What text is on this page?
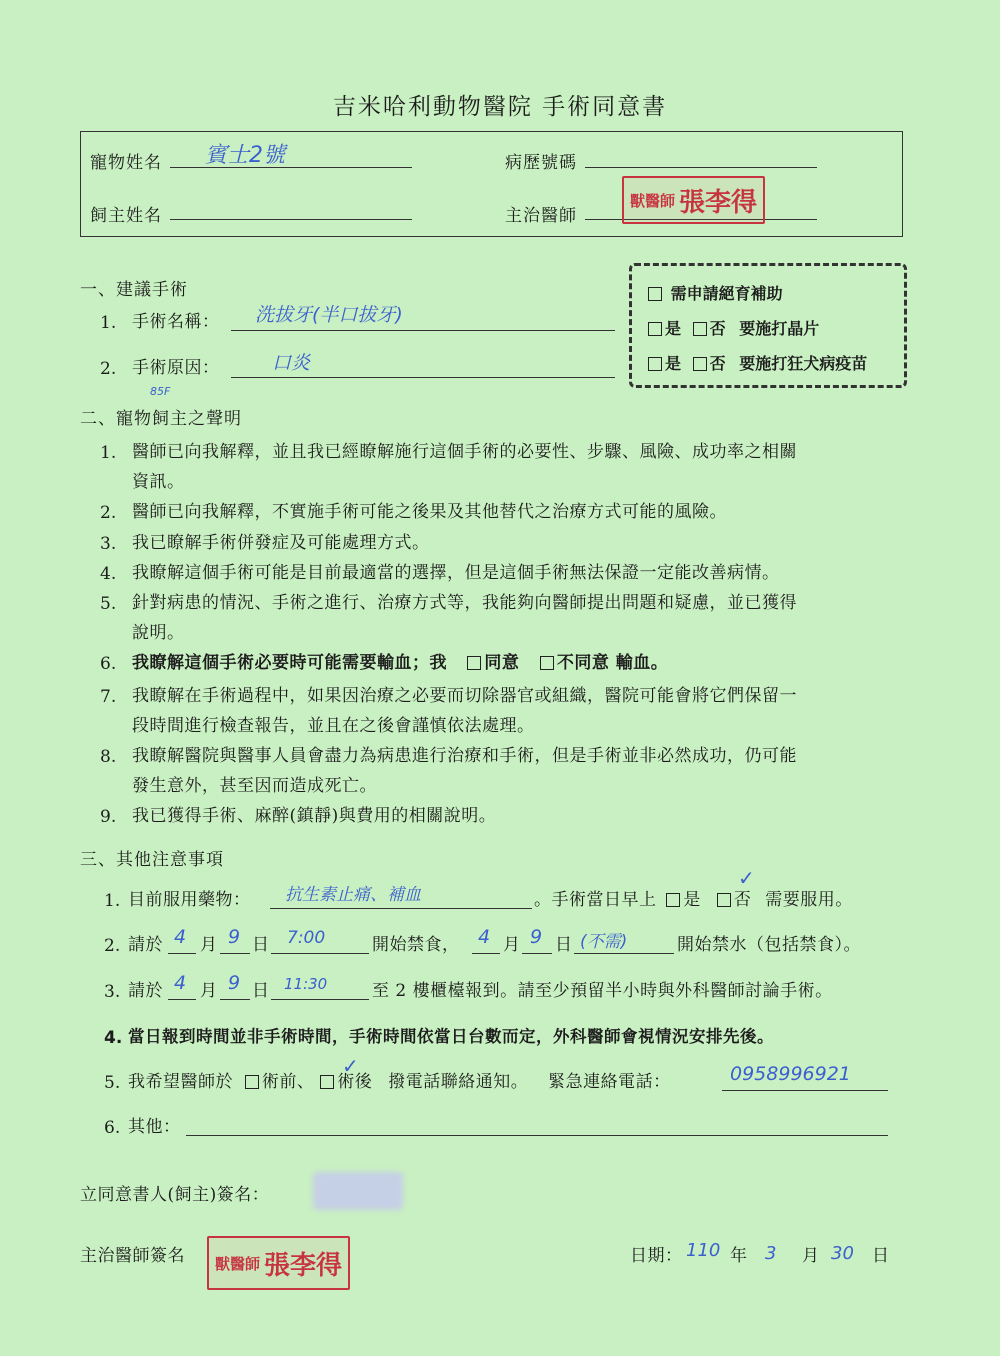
吉米哈利動物醫院 手術同意書
寵物姓名 賓士2號	病歷號碼
飼主姓名	主治醫師
獸醫師 張李得
需申請絕育補助
是 否 要施打晶片
是 否 要施打狂犬病疫苗
一、建議手術
1. 手術名稱： 洗拔牙(半口拔牙)
2. 手術原因：	口炎
85F
二、寵物飼主之聲明
1. 醫師已向我解釋，並且我已經瞭解施行這個手術的必要性、步驟、風險、成功率之相關
資訊。
2. 醫師已向我解釋，不實施手術可能之後果及其他替代之治療方式可能的風險。
3. 我已瞭解手術併發症及可能處理方式。
4. 我瞭解這個手術可能是目前最適當的選擇，但是這個手術無法保證一定能改善病情。
5. 針對病患的情況、手術之進行、治療方式等，我能夠向醫師提出問題和疑慮，並已獲得
說明。
6. 我瞭解這個手術必要時可能需要輸血；我 同意 不同意 輸血。
7. 我瞭解在手術過程中，如果因治療之必要而切除器官或組織，醫院可能會將它們保留一
段時間進行檢查報告，並且在之後會謹慎依法處理。
8. 我瞭解醫院與醫事人員會盡力為病患進行治療和手術，但是手術並非必然成功，仍可能
發生意外，甚至因而造成死亡。
9. 我已獲得手術、麻醉(鎮靜)與費用的相關說明。
三、其他注意事項
1. 目前服用藥物： 抗生素止痛、補血	。手術當日早上 是 否 需要服用。
✓
2. 請於 4 月 9 日 7:00	開始禁食， 4 月 9 日 (不需)	開始禁水（包括禁食）。
3. 請於 4 月 9 日 11:30	至 2 樓櫃檯報到。請至少預留半小時與外科醫師討論手術。
4. 當日報到時間並非手術時間，手術時間依當日台數而定，外科醫師會視情況安排先後。
5. 我希望醫師於 術前、 術後 撥電話聯絡通知。 緊急連絡電話：
✓	0958996921
6. 其他：
立同意書人(飼主)簽名：
主治醫師簽名 獸醫師 張李得	日期： 110 年 3 月 30 日
